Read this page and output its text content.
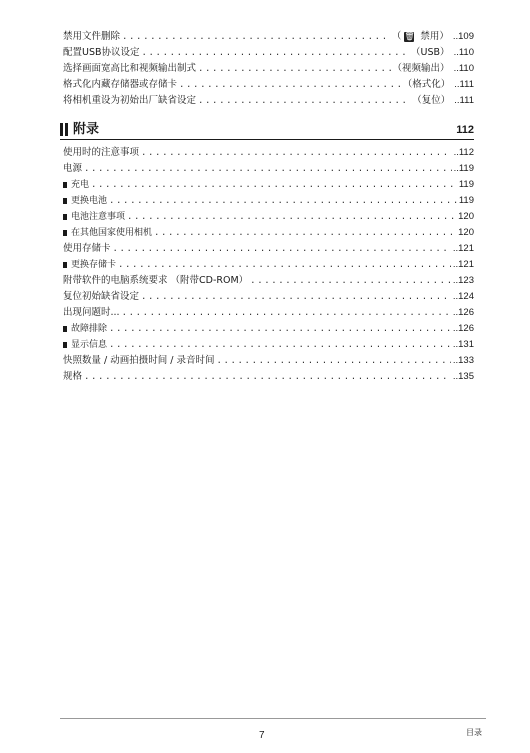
禁用文件删除 .....	（ 🗑︎ 禁用） ..109
配置USB协议设定 .....	（USB） ..110
选择画面宽高比和视频输出制式 .....	（视频输出） ..110
格式化内藏存储器或存储卡 .....	（格式化） ..111
将相机重设为初始出厂缺省设定 .....	（复位） ..111
附录	112
使用时的注意事项 .....	..112
电源 .....	..119
充电 .....	119
更换电池 .....	119
电池注意事项 .....	120
在其他国家使用相机 .....	120
使用存储卡 .....	..121
更换存储卡 .....	..121
附带软件的电脑系统要求 （附带CD-ROM） .....	..123
复位初始缺省设定 .....	..124
出现问题时... .....	..126
故障排除 .....	..126
显示信息 .....	..131
快照数量 / 动画拍摄时间 / 录音时间 .....	..133
规格 .....	..135
7	目录
